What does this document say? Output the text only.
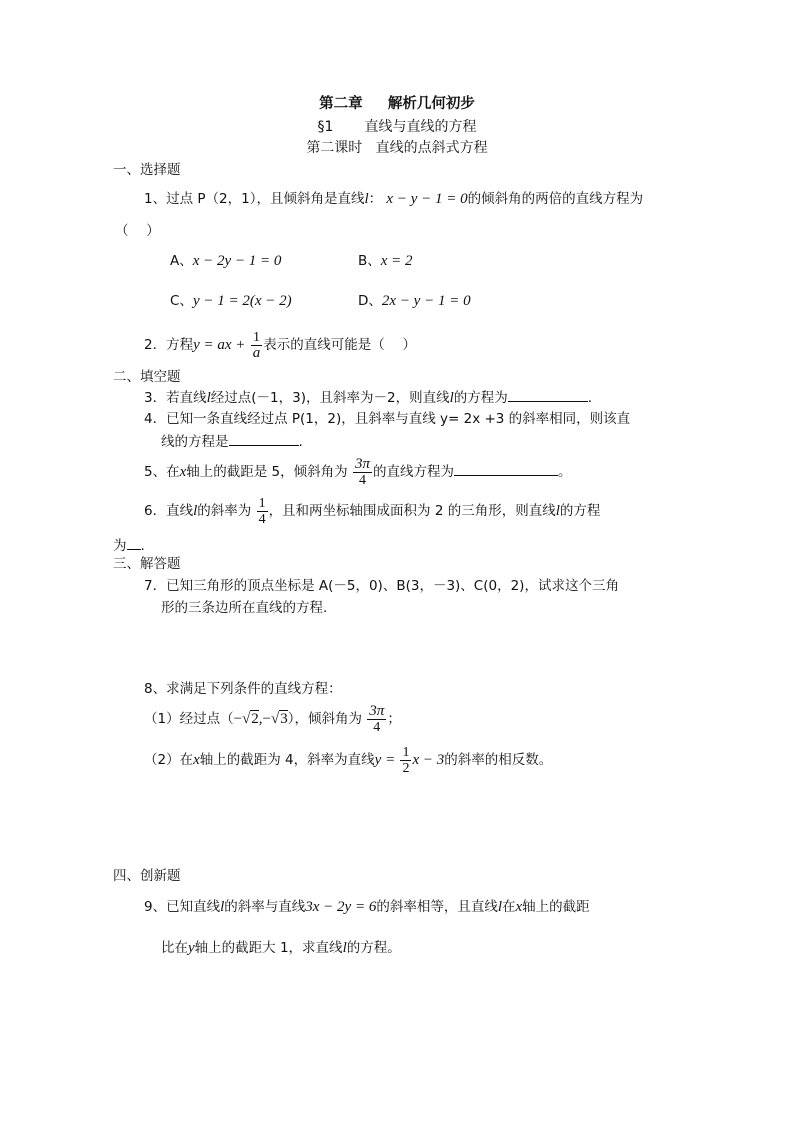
第二章 解析几何初步
§1 直线与直线的方程
第二课时 直线的点斜式方程
一、选择题
1、过点 P（2，1），且倾斜角是直线l： x − y − 1 = 0的倾斜角的两倍的直线方程为
（　 ）
A、x − 2y − 1 = 0	B、x = 2
C、y − 1 = 2(x − 2)	D、2x − y − 1 = 0
2．方程y = ax + $\frac{1}{a}$ 表示的直线可能是（　 ）
二、填空题
3．若直线l经过点(－1，3)，且斜率为－2，则直线l的方程为	.
4．已知一条直线经过点 P(1，2)，且斜率与直线 y= 2x +3 的斜率相同，则该直
线的方程是	.
5、在x轴上的截距是 5，倾斜角为 $\frac{3\pi}{4}$ 的直线方程为	。
6．直线l的斜率为 $\frac{1}{4}$ ，且和两坐标轴围成面积为 2 的三角形，则直线l的方程
为 .
三、解答题
7．已知三角形的顶点坐标是 A(－5，0)、B(3，－3)、C(0，2)，试求这个三角
形的三条边所在直线的方程.
8、求满足下列条件的直线方程：
（1）经过点（−√2,−√3），倾斜角为 $\frac{3\pi}{4}$ ；
（2）在x轴上的截距为 4，斜率为直线$y = \frac{1}{2}$ x − 3的斜率的相反数。
四、创新题
9、已知直线l的斜率与直线3x − 2y = 6的斜率相等，且直线l在x轴上的截距
比在y轴上的截距大 1，求直线l的方程。
